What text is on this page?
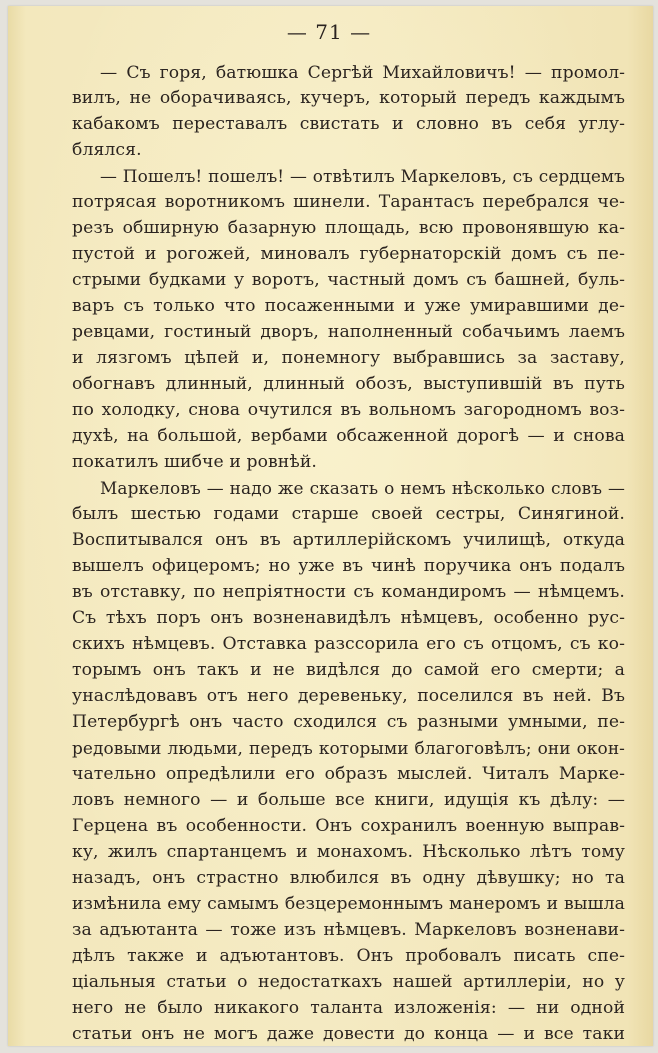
— 71 —
— Съ горя, батюшка Сергѣй Михайловичъ! — промол-
вилъ, не оборачиваясь, кучеръ, который передъ каждымъ
кабакомъ переставалъ свистать и словно въ себя углу-
блялся.
— Пошелъ! пошелъ! — отвѣтилъ Маркеловъ, съ сердцемъ
потрясая воротникомъ шинели. Тарантасъ перебрался че-
резъ обширную базарную площадь, всю провонявшую ка-
пустой и рогожей, миновалъ губернаторскій домъ съ пе-
стрыми будками у воротъ, частный домъ съ башней, буль-
варъ съ только что посаженными и уже умиравшими де-
ревцами, гостиный дворъ, наполненный собачьимъ лаемъ
и лязгомъ цѣпей и, понемногу выбравшись за заставу,
обогнавъ длинный, длинный обозъ, выступившій въ путь
по холодку, снова очутился въ вольномъ загородномъ воз-
духѣ, на большой, вербами обсаженной дорогѣ — и снова
покатилъ шибче и ровнѣй.
Маркеловъ — надо же сказать о немъ нѣсколько словъ —
былъ шестью годами старше своей сестры, Синягиной.
Воспитывался онъ въ артиллерійскомъ училищѣ, откуда
вышелъ офицеромъ; но уже въ чинѣ поручика онъ подалъ
въ отставку, по непріятности съ командиромъ — нѣмцемъ.
Съ тѣхъ поръ онъ возненавидѣлъ нѣмцевъ, особенно рус-
скихъ нѣмцевъ. Отставка разссорила его съ отцомъ, съ ко-
торымъ онъ такъ и не видѣлся до самой его смерти; а
унаслѣдовавъ отъ него деревеньку, поселился въ ней. Въ
Петербургѣ онъ часто сходился съ разными умными, пе-
редовыми людьми, передъ которыми благоговѣлъ; они окон-
чательно опредѣлили его образъ мыслей. Читалъ Марке-
ловъ немного — и больше все книги, идущія къ дѣлу: —
Герцена въ особенности. Онъ сохранилъ военную выправ-
ку, жилъ спартанцемъ и монахомъ. Нѣсколько лѣтъ тому
назадъ, онъ страстно влюбился въ одну дѣвушку; но та
измѣнила ему самымъ безцеремоннымъ манеромъ и вышла
за адъютанта — тоже изъ нѣмцевъ. Маркеловъ возненави-
дѣлъ также и адъютантовъ. Онъ пробовалъ писать спе-
ціальныя статьи о недостаткахъ нашей артиллеріи, но у
него не было никакого таланта изложенія: — ни одной
статьи онъ не могъ даже довести до конца — и все таки
